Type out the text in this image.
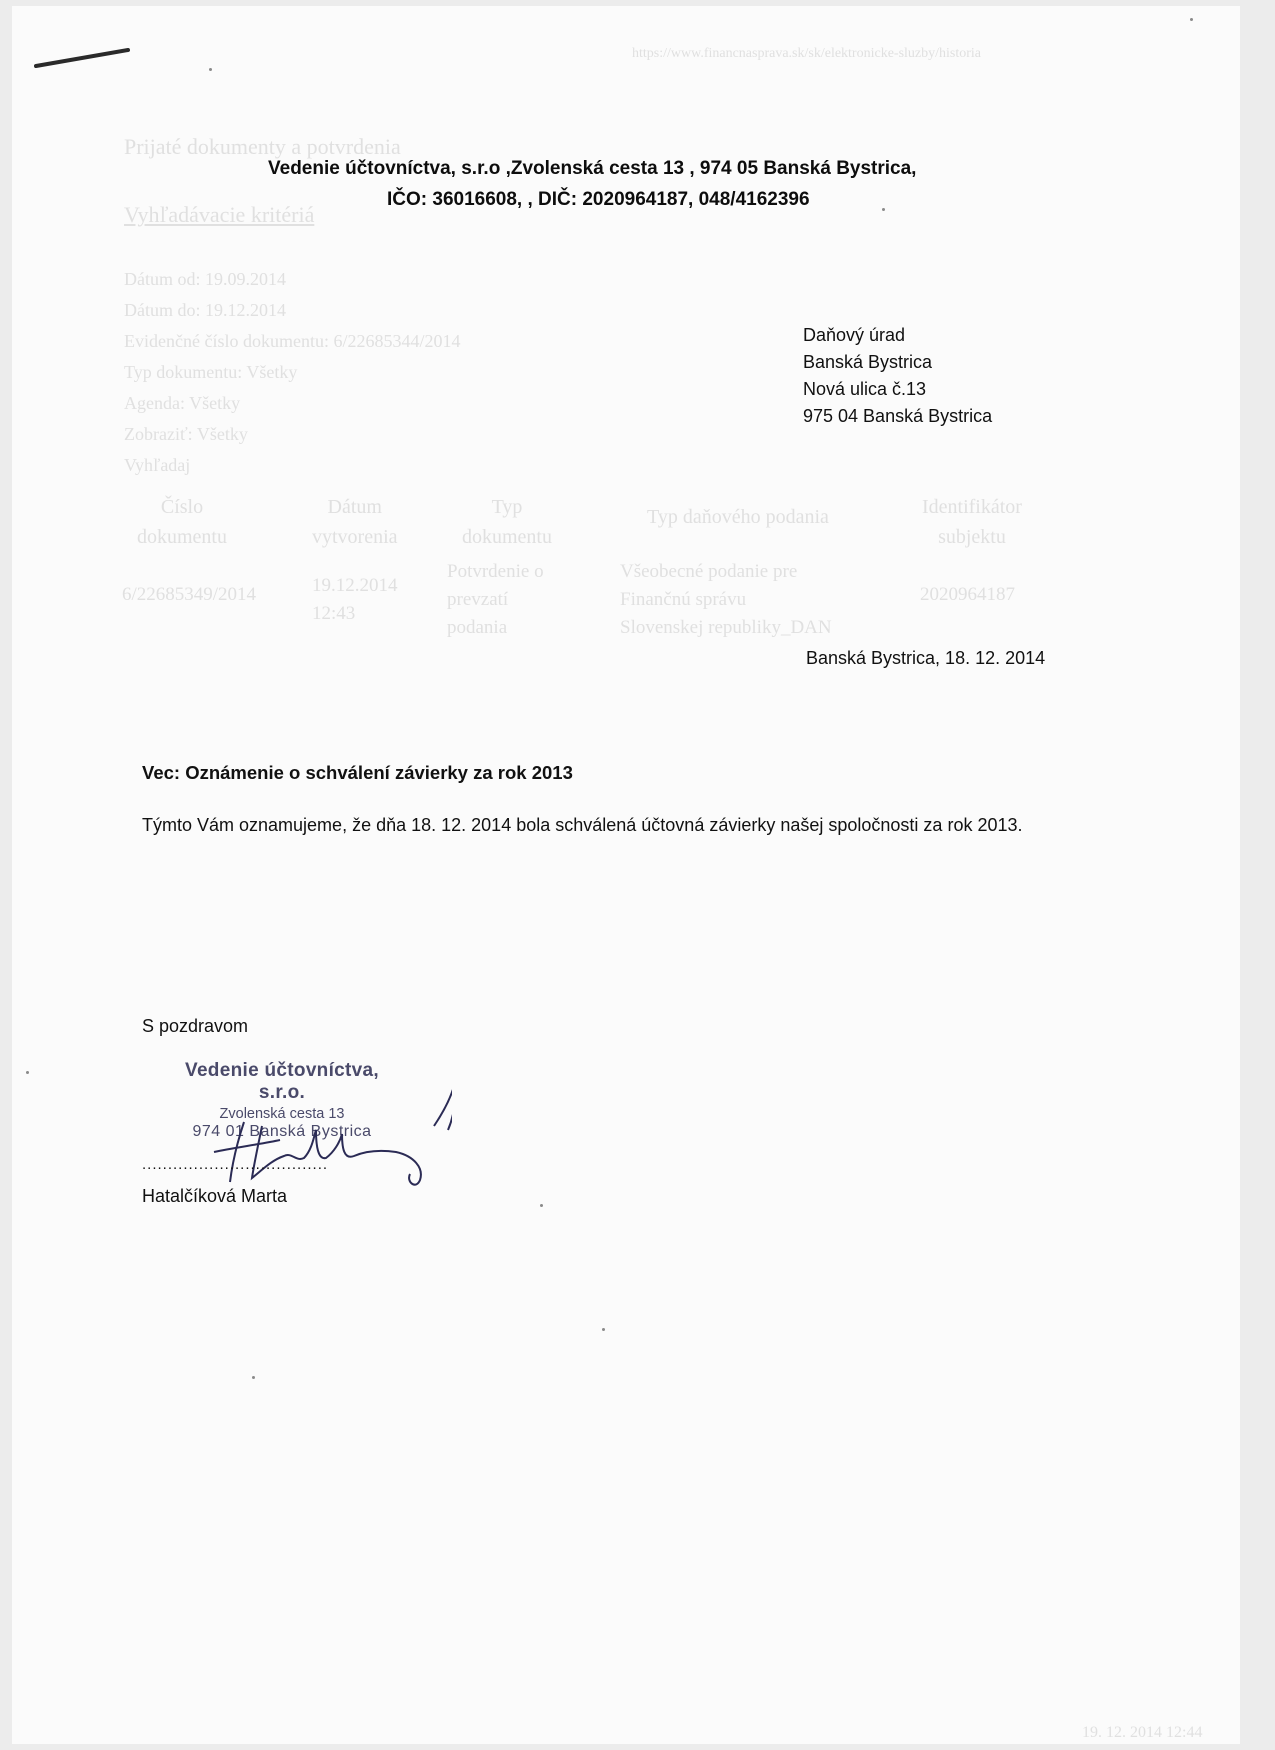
Prijaté dokumenty a potvrdenia
Vyhľadávacie kritériá
Dátum od: 19.09.2014
Dátum do: 19.12.2014
Evidenčné číslo dokumentu: 6/22685344/2014
Typ dokumentu: Všetky
Agenda: Všetky
Zobraziť: Všetky
Vyhľadaj
Číslo
dokumentu
Dátum
vytvorenia
Typ
dokumentu
Typ daňového podania	Identifikátor
subjektu
6/22685349/2014	19.12.2014
12:43
Potvrdenie o
prevzatí
podania
Všeobecné podanie pre
Finančnú správu
Slovenskej republiky_DAN
2020964187
19. 12. 2014 12:44
https://www.financnasprava.sk/sk/elektronicke-sluzby/historia
Vedenie účtovníctva, s.r.o ,Zvolenská cesta 13 , 974 05 Banská Bystrica,
IČO: 36016608, , DIČ: 2020964187, 048/4162396
Daňový úrad
Banská Bystrica
Nová ulica č.13
975 04 Banská Bystrica
Banská Bystrica, 18. 12. 2014
Vec: Oznámenie o schválení závierky za rok 2013
Týmto Vám oznamujeme, že dňa 18. 12. 2014 bola schválená účtovná závierky našej spoločnosti za rok 2013.
S pozdravom
Vedenie účtovníctva, s.r.o.
Zvolenská cesta 13
974 01 Banská Bystrica
....................................
Hatalčíková Marta
